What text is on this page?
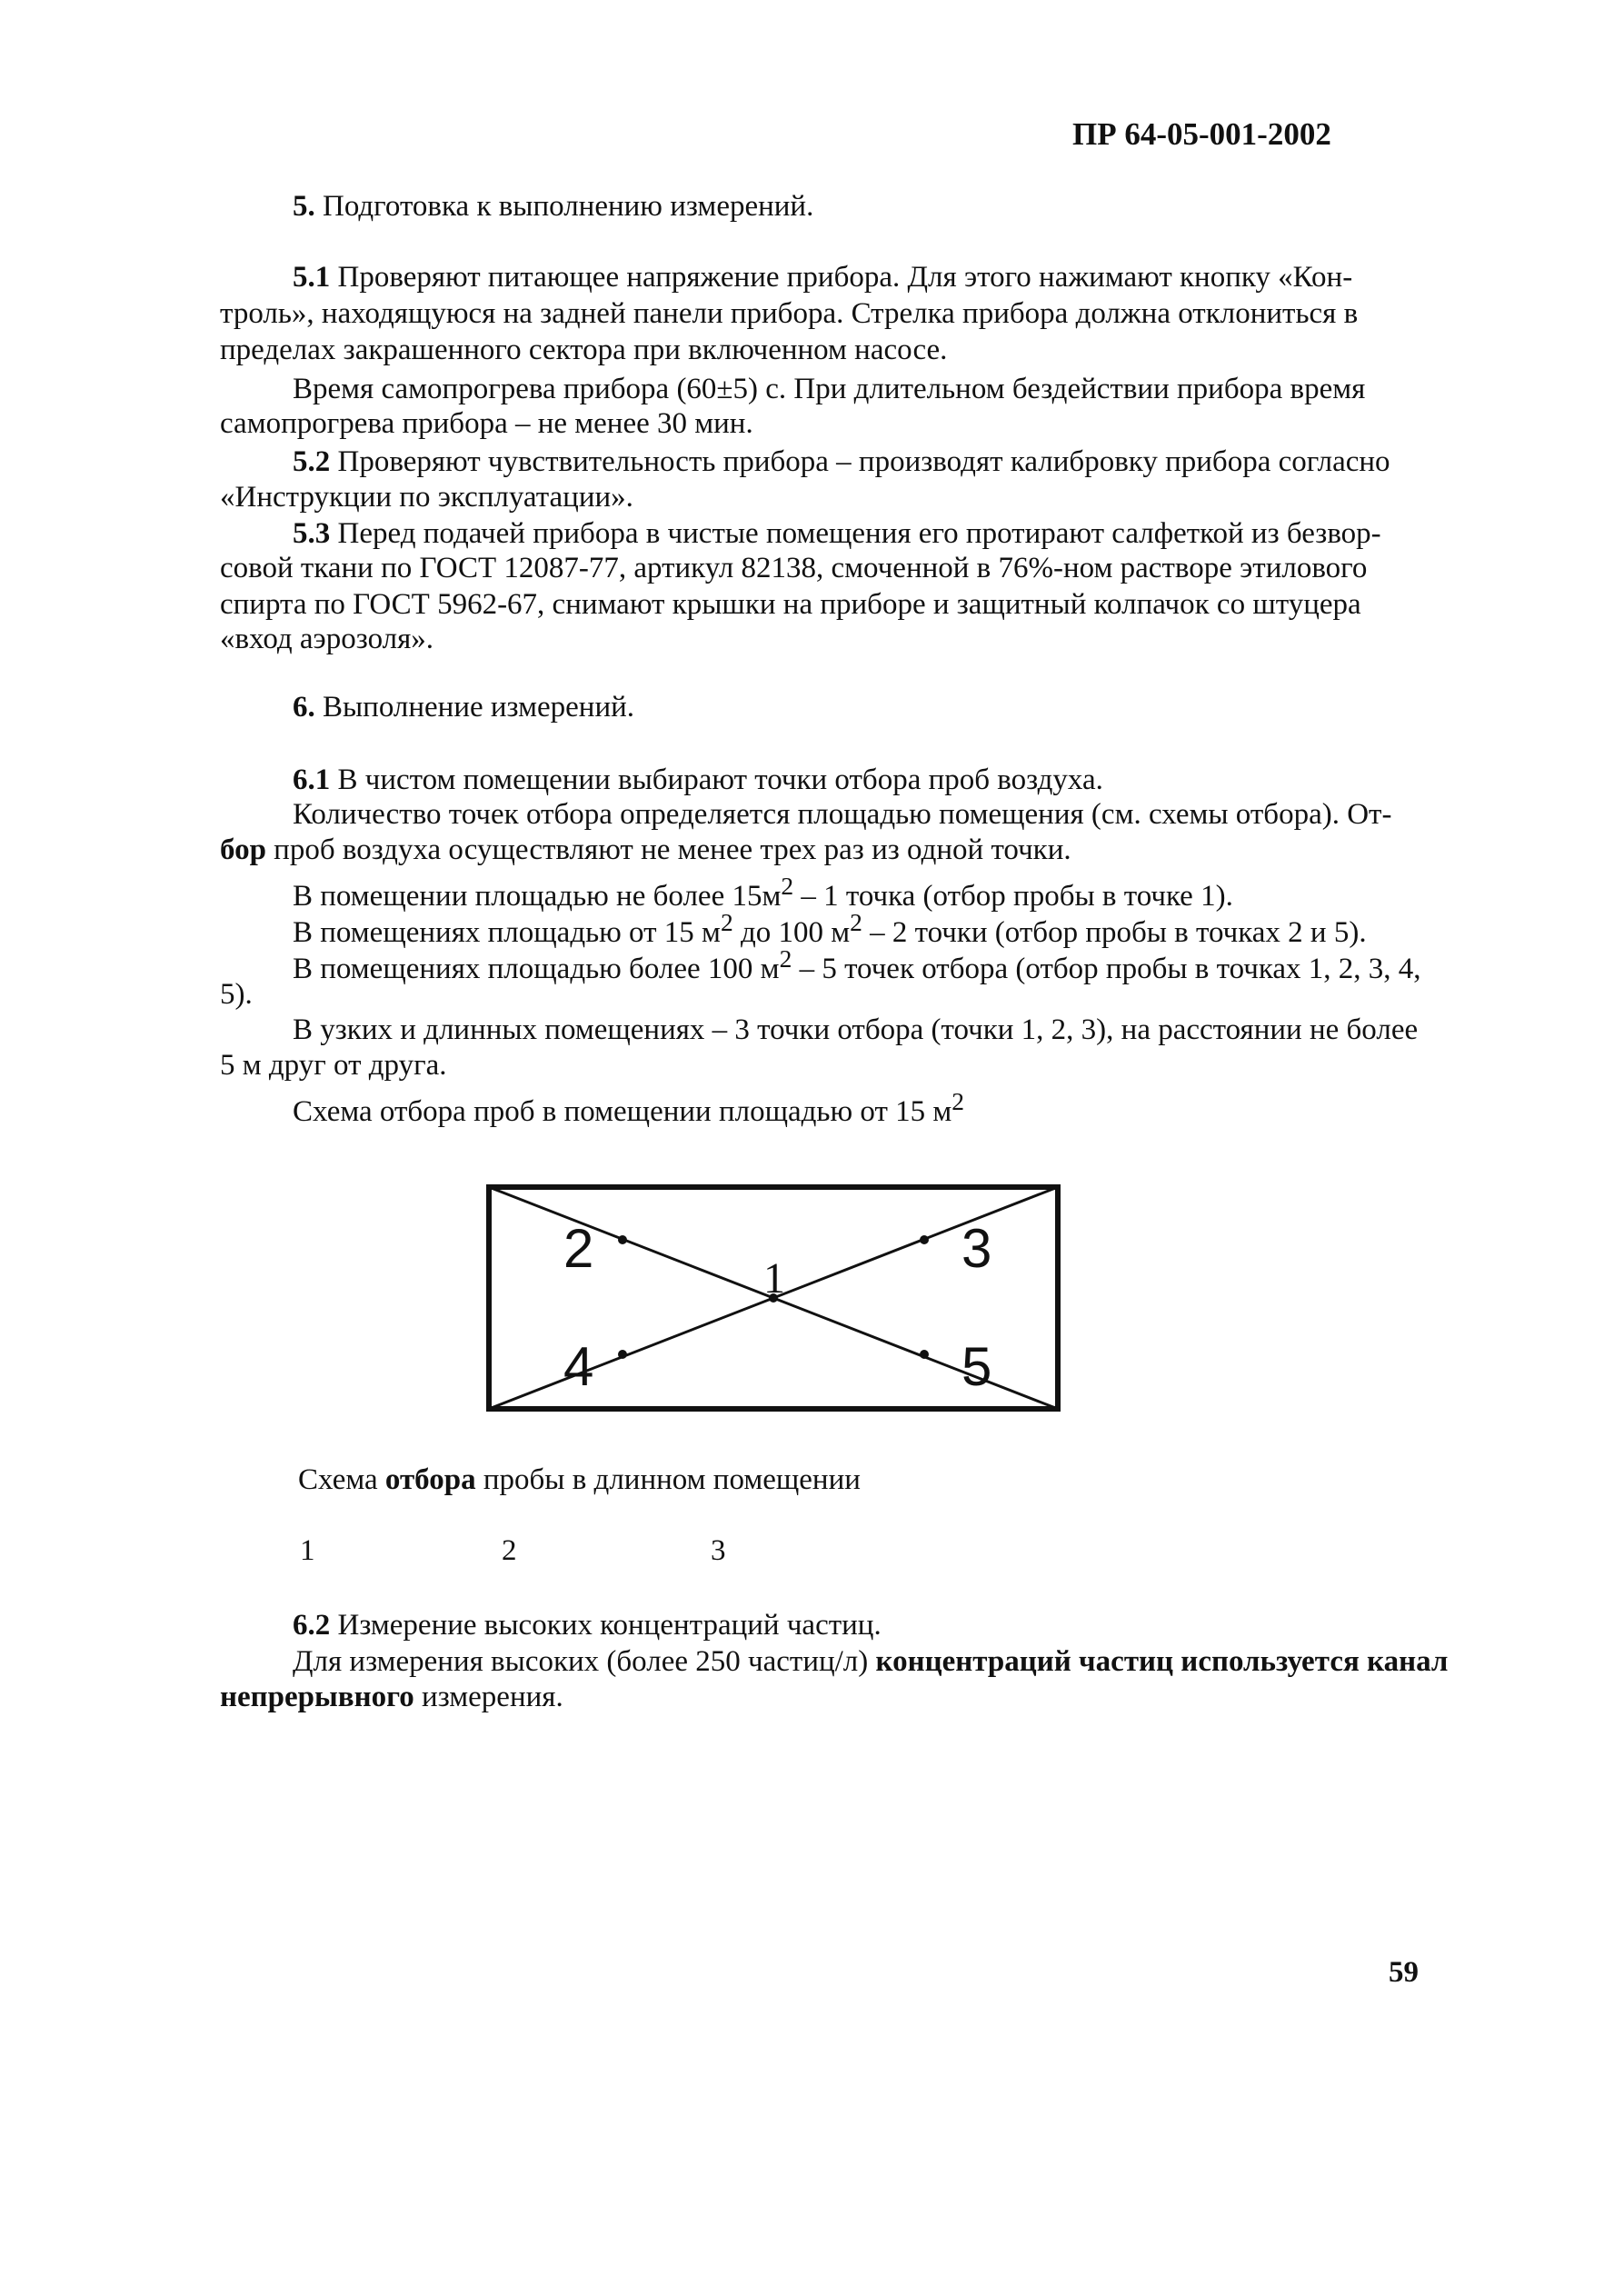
ПР 64-05-001-2002

5. Подготовка к выполнению измерений.

5.1 Проверяют питающее напряжение прибора. Для этого нажимают кнопку «Кон-

троль», находящуюся на задней панели прибора. Стрелка прибора должна отклониться в

пределах закрашенного сектора при включенном насосе.

Время самопрогрева прибора (60±5) с. При длительном бездействии прибора время

самопрогрева прибора – не менее 30 мин.

5.2 Проверяют чувствительность прибора – производят калибровку прибора согласно

«Инструкции по эксплуатации».

5.3 Перед подачей прибора в чистые помещения его протирают салфеткой из безвор-

совой ткани по ГОСТ 12087-77, артикул 82138, смоченной в 76%-ном растворе этилового

спирта по ГОСТ 5962-67, снимают крышки на приборе и защитный колпачок со штуцера

«вход аэрозоля».

6. Выполнение измерений.

6.1 В чистом помещении выбирают точки отбора проб воздуха.

Количество точек отбора определяется площадью помещения (см. схемы отбора). От-

бор проб воздуха осуществляют не менее трех раз из одной точки.

В помещении площадью не более $15м^2 - 1$ точка (отбор пробы в точке 1).

В помещениях площадью от 15 $м^2$ до 100 $м^2 - 2$ точки (отбор пробы в точках 2 и 5).

В помещениях площадью более 100 $м^2 - 5$ точек отбора (отбор пробы в точках 1, 2, 3, 4,

5).

В узких и длинных помещениях – 3 точки отбора (точки 1, 2, 3), на расстоянии не более

5 м друг от друга.

Схема отбора проб в помещении площадью от 15 $м^2$

2	3
1
4	5

Схема отбора пробы в длинном помещении

1	2	3

6.2 Измерение высоких концентраций частиц.

Для измерения высоких (более 250 частиц/л) концентраций частиц используется канал

непрерывного измерения.

59
